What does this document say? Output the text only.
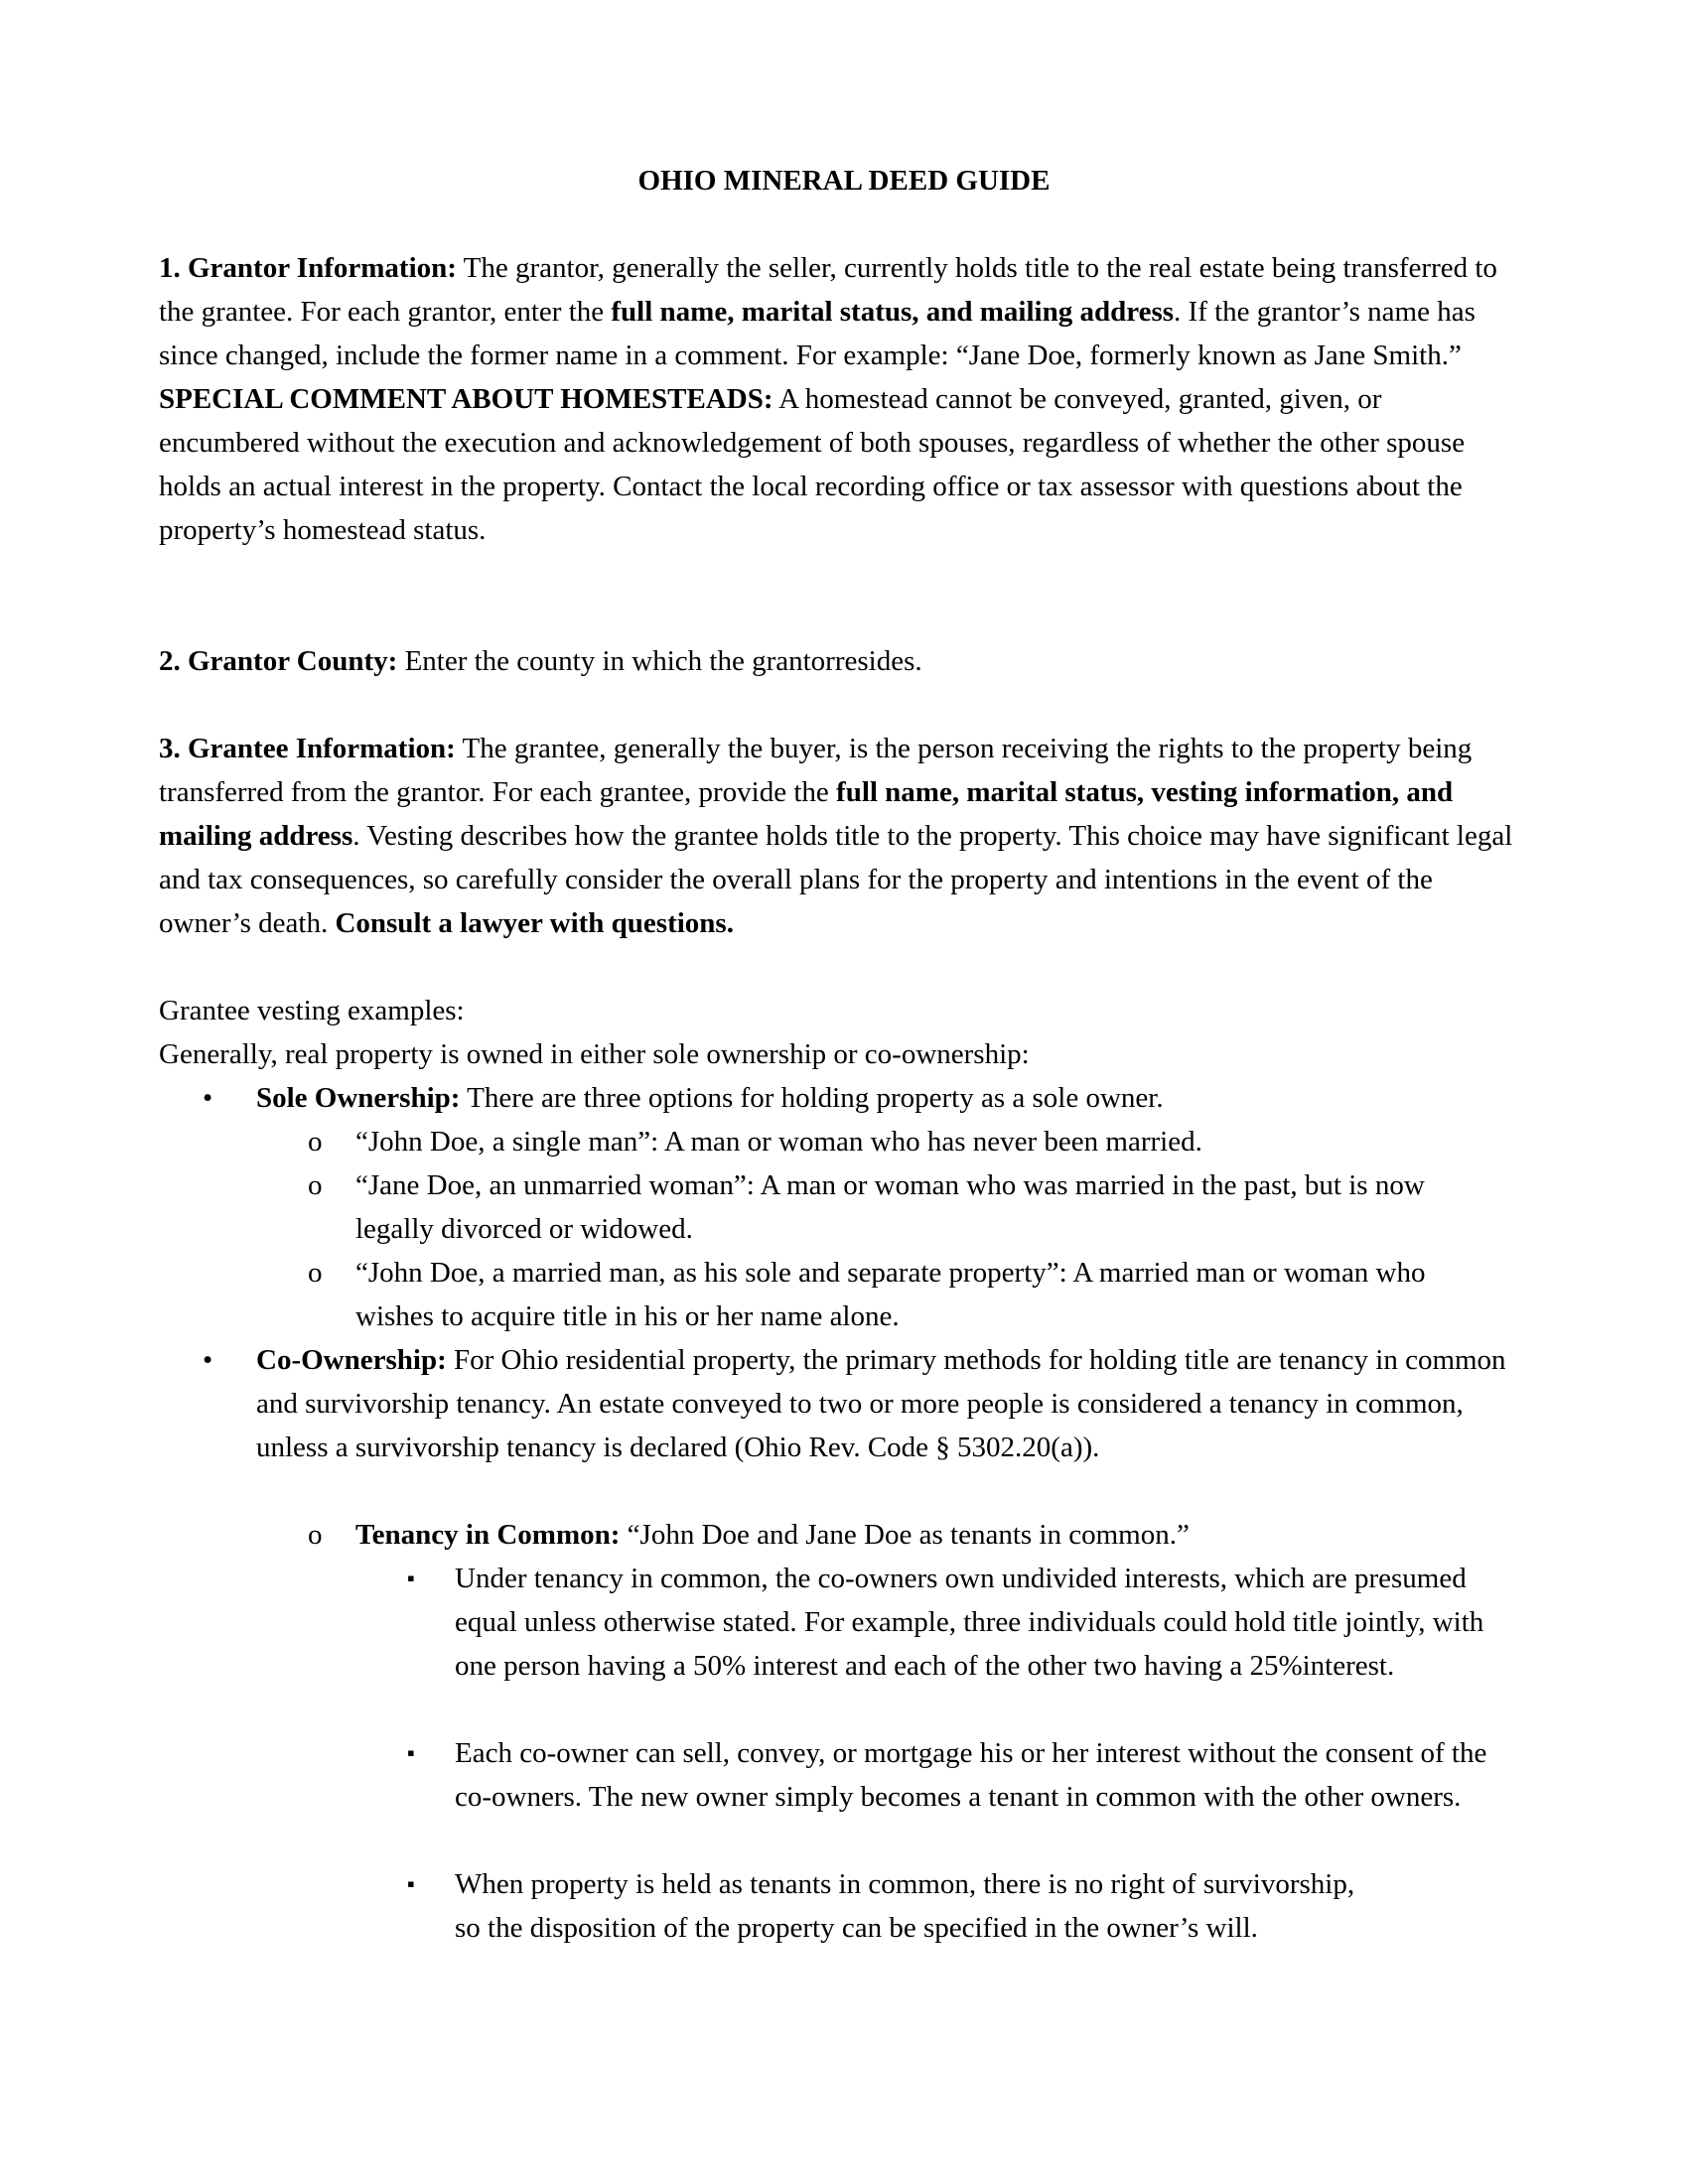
OHIO MINERAL DEED GUIDE

1. Grantor Information: The grantor, generally the seller, currently holds title to the real estate being transferred to the grantee. For each grantor, enter the full name, marital status, and mailing address. If the grantor’s name has since changed, include the former name in a comment. For example: “Jane Doe, formerly known as Jane Smith.” SPECIAL COMMENT ABOUT HOMESTEADS: A homestead cannot be conveyed, granted, given, or encumbered without the execution and acknowledgement of both spouses, regardless of whether the other spouse holds an actual interest in the property. Contact the local recording office or tax assessor with questions about the property’s homestead status.

2. Grantor County: Enter the county in which the grantorresides.

3. Grantee Information: The grantee, generally the buyer, is the person receiving the rights to the property being transferred from the grantor. For each grantee, provide the full name, marital status, vesting information, and mailing address. Vesting describes how the grantee holds title to the property. This choice may have significant legal and tax consequences, so carefully consider the overall plans for the property and intentions in the event of the owner’s death. Consult a lawyer with questions.

Grantee vesting examples:

Generally, real property is owned in either sole ownership or co-ownership:

• Sole Ownership: There are three options for holding property as a sole owner.

o “John Doe, a single man”: A man or woman who has never been married.

o “Jane Doe, an unmarried woman”: A man or woman who was married in the past, but is now legally divorced or widowed.

o “John Doe, a married man, as his sole and separate property”: A married man or woman who wishes to acquire title in his or her name alone.

• Co-Ownership: For Ohio residential property, the primary methods for holding title are tenancy in common and survivorship tenancy. An estate conveyed to two or more people is considered a tenancy in common, unless a survivorship tenancy is declared (Ohio Rev. Code § 5302.20(a)).

o Tenancy in Common: “John Doe and Jane Doe as tenants in common.”

▪ Under tenancy in common, the co-owners own undivided interests, which are presumed equal unless otherwise stated. For example, three individuals could hold title jointly, with one person having a 50% interest and each of the other two having a 25%interest.

▪ Each co-owner can sell, convey, or mortgage his or her interest without the consent of the co-owners. The new owner simply becomes a tenant in common with the other owners.

▪ When property is held as tenants in common, there is no right of survivorship, so the disposition of the property can be specified in the owner’s will.
